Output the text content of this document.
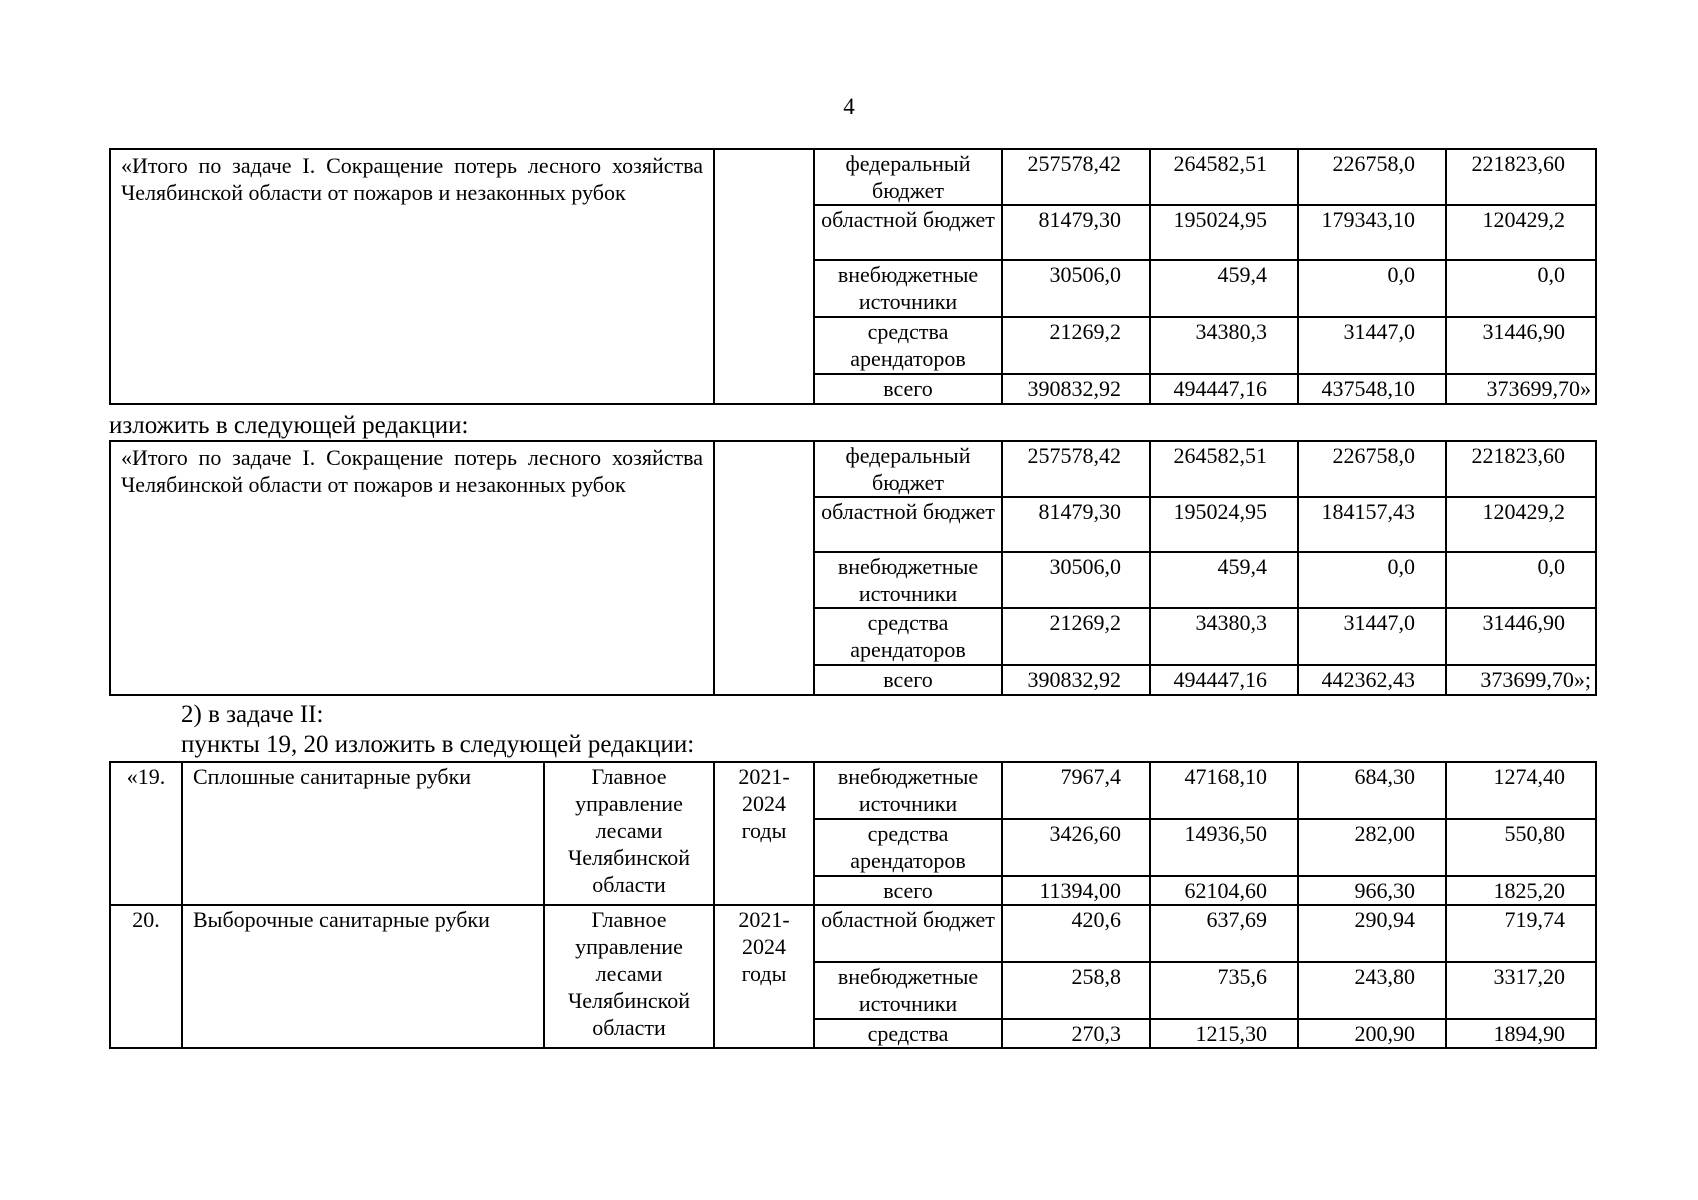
4
«Итого по задаче I. Сокращение потерь лесного хозяйства Челябинской области от пожаров и незаконных рубок		федеральный бюджет	257578,42	264582,51	226758,0	221823,60
		областной бюджет	81479,30	195024,95	179343,10	120429,2
		внебюджетные источники	30506,0	459,4	0,0	0,0
		средства арендаторов	21269,2	34380,3	31447,0	31446,90
		всего	390832,92	494447,16	437548,10	373699,70»
изложить в следующей редакции:
«Итого по задаче I. Сокращение потерь лесного хозяйства Челябинской области от пожаров и незаконных рубок		федеральный бюджет	257578,42	264582,51	226758,0	221823,60
		областной бюджет	81479,30	195024,95	184157,43	120429,2
		внебюджетные источники	30506,0	459,4	0,0	0,0
		средства арендаторов	21269,2	34380,3	31447,0	31446,90
		всего	390832,92	494447,16	442362,43	373699,70»;
2) в задаче II:
пункты 19, 20 изложить в следующей редакции:
«19.	Сплошные санитарные рубки	Главное управление лесами Челябинской области	2021-2024 годы	внебюджетные источники	7967,4	47168,10	684,30	1274,40
				средства арендаторов	3426,60	14936,50	282,00	550,80
				всего	11394,00	62104,60	966,30	1825,20
20.	Выборочные санитарные рубки	Главное управление лесами Челябинской области	2021-2024 годы	областной бюджет	420,6	637,69	290,94	719,74
				внебюджетные источники	258,8	735,6	243,80	3317,20
				средства	270,3	1215,30	200,90	1894,90
